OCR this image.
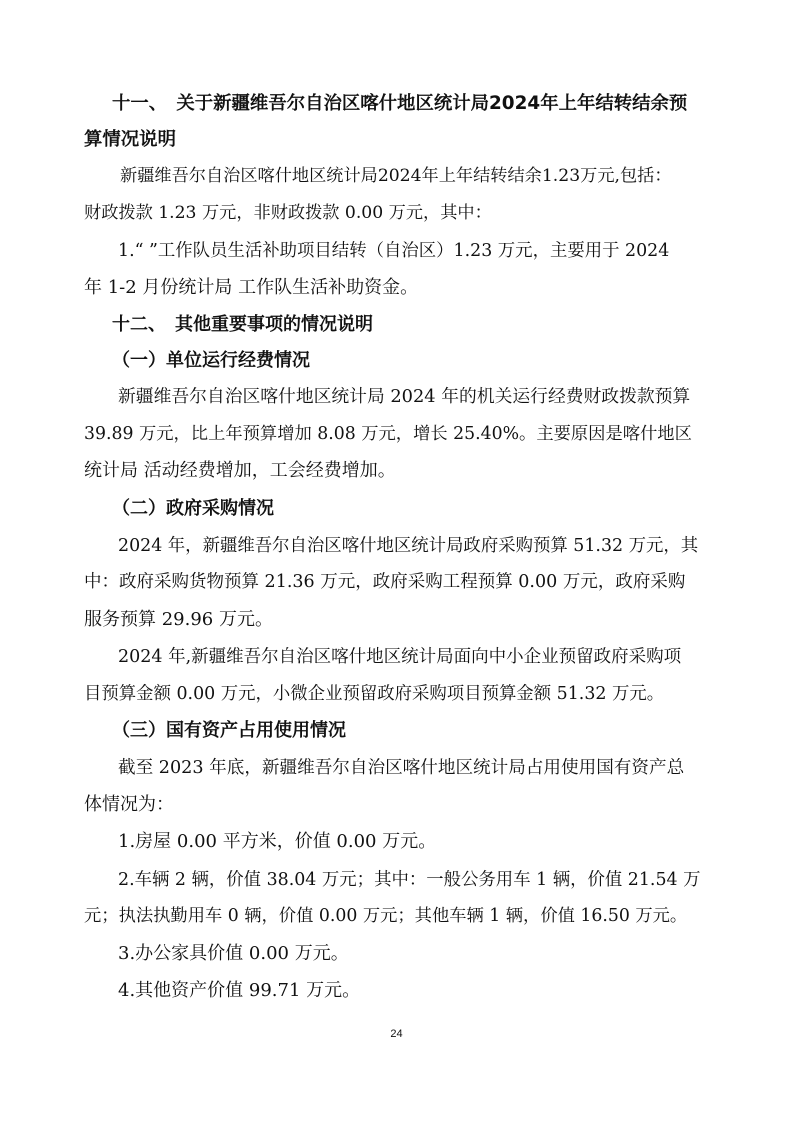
十一、　关于新疆维吾尔自治区喀什地区统计局2024年上年结转结余预
算情况说明
新疆维吾尔自治区喀什地区统计局2024年上年结转结余1.23万元,包括：
财政拨款 1.23 万元，非财政拨款 0.00 万元，其中：
1.“ ”工作队员生活补助项目结转（自治区）1.23 万元，主要用于 2024
年 1-2 月份统计局 工作队生活补助资金。
十二、　其他重要事项的情况说明
（一）单位运行经费情况
新疆维吾尔自治区喀什地区统计局 2024 年的机关运行经费财政拨款预算
39.89 万元，比上年预算增加 8.08 万元，增长 25.40%。主要原因是喀什地区
统计局 活动经费增加，工会经费增加。
（二）政府采购情况
2024 年，新疆维吾尔自治区喀什地区统计局政府采购预算 51.32 万元，其
中：政府采购货物预算 21.36 万元，政府采购工程预算 0.00 万元，政府采购
服务预算 29.96 万元。
2024 年,新疆维吾尔自治区喀什地区统计局面向中小企业预留政府采购项
目预算金额 0.00 万元，小微企业预留政府采购项目预算金额 51.32 万元。
（三）国有资产占用使用情况
截至 2023 年底，新疆维吾尔自治区喀什地区统计局占用使用国有资产总
体情况为：
1.房屋 0.00 平方米，价值 0.00 万元。
2.车辆 2 辆，价值 38.04 万元；其中：一般公务用车 1 辆，价值 21.54 万
元；执法执勤用车 0 辆，价值 0.00 万元；其他车辆 1 辆，价值 16.50 万元。
3.办公家具价值 0.00 万元。
4.其他资产价值 99.71 万元。
24
